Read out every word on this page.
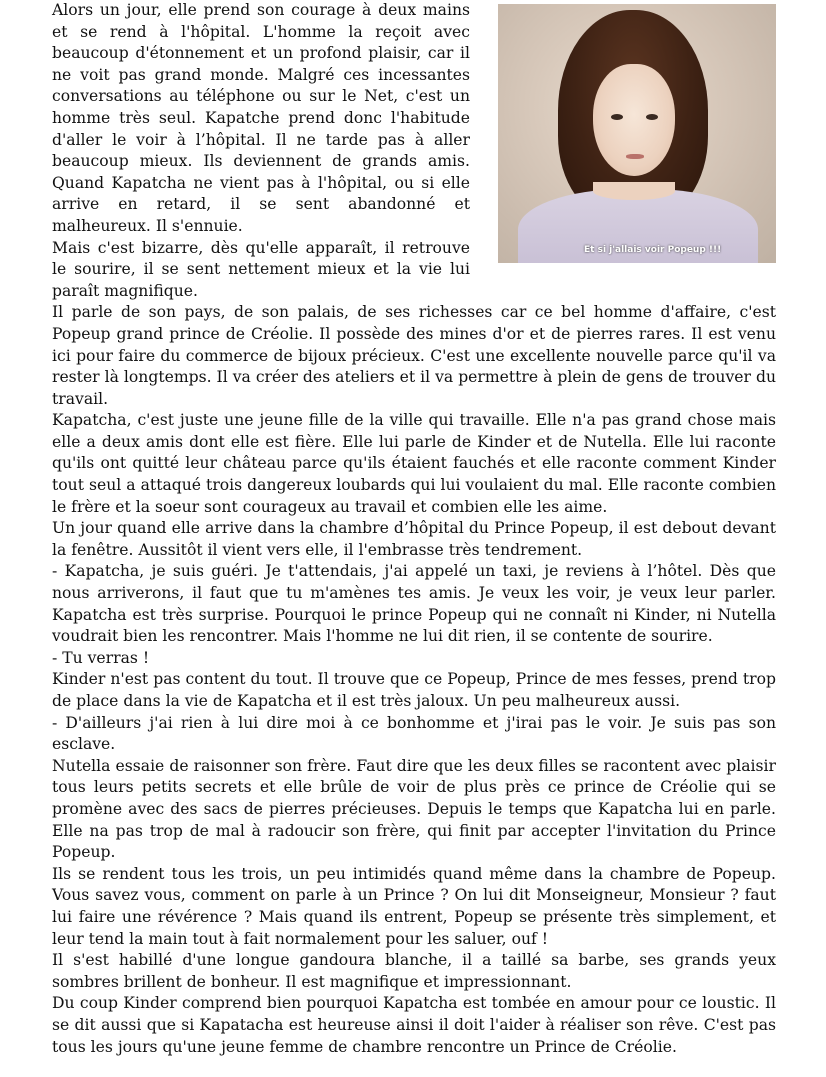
Et si j'allais voir Popeup !!!

Alors un jour, elle prend son courage à deux mains et se rend à l'hôpital. L'homme la reçoit avec beaucoup d'étonnement et un profond plaisir, car il ne voit pas grand monde. Malgré ces incessantes conversations au téléphone ou sur le Net, c'est un homme très seul. Kapatche prend donc l'habitude d'aller le voir à l’hôpital. Il ne tarde pas à aller beaucoup mieux. Ils deviennent de grands amis. Quand Kapatcha ne vient pas à l'hôpital, ou si elle arrive en retard, il se sent abandonné et malheureux. Il s'ennuie.

Mais c'est bizarre, dès qu'elle apparaît, il retrouve le sourire, il se sent nettement mieux et la vie lui paraît magnifique.

Il parle de son pays, de son palais, de ses richesses car ce bel homme d'affaire, c'est Popeup grand prince de Créolie. Il possède des mines d'or et de pierres rares. Il est venu ici pour faire du commerce de bijoux précieux. C'est une excellente nouvelle parce qu'il va rester là longtemps. Il va créer des ateliers et il va permettre à plein de gens de trouver du travail.

Kapatcha, c'est juste une jeune fille de la ville qui travaille. Elle n'a pas grand chose mais elle a deux amis dont elle est fière. Elle lui parle de Kinder et de Nutella. Elle lui raconte qu'ils ont quitté leur château parce qu'ils étaient fauchés et elle raconte comment Kinder tout seul a attaqué trois dangereux loubards qui lui voulaient du mal. Elle raconte combien le frère et la soeur sont courageux au travail et combien elle les aime.

Un jour quand elle arrive dans la chambre d’hôpital du Prince Popeup, il est debout devant la fenêtre. Aussitôt il vient vers elle, il l'embrasse très tendrement.

- Kapatcha, je suis guéri. Je t'attendais, j'ai appelé un taxi, je reviens à l’hôtel. Dès que nous arriverons, il faut que tu m'amènes tes amis. Je veux les voir, je veux leur parler. Kapatcha est très surprise. Pourquoi le prince Popeup qui ne connaît ni Kinder, ni Nutella voudrait bien les rencontrer. Mais l'homme ne lui dit rien, il se contente de sourire.

- Tu verras !

Kinder n'est pas content du tout. Il trouve que ce Popeup, Prince de mes fesses, prend trop de place dans la vie de Kapatcha et il est très jaloux. Un peu malheureux aussi.

- D'ailleurs j'ai rien à lui dire moi à ce bonhomme et j'irai pas le voir. Je suis pas son esclave.

Nutella essaie de raisonner son frère. Faut dire que les deux filles se racontent avec plaisir tous leurs petits secrets et elle brûle de voir de plus près ce prince de Créolie qui se promène avec des sacs de pierres précieuses. Depuis le temps que Kapatcha lui en parle. Elle na pas trop de mal à radoucir son frère, qui finit par accepter l'invitation du Prince Popeup.

Ils se rendent tous les trois, un peu intimidés quand même dans la chambre de Popeup. Vous savez vous, comment on parle à un Prince ? On lui dit Monseigneur, Monsieur ? faut lui faire une révérence ? Mais quand ils entrent, Popeup se présente très simplement, et leur tend la main tout à fait normalement pour les saluer, ouf !

Il s'est habillé d'une longue gandoura blanche, il a taillé sa barbe, ses grands yeux sombres brillent de bonheur. Il est magnifique et impressionnant.

Du coup Kinder comprend bien pourquoi Kapatcha est tombée en amour pour ce loustic. Il se dit aussi que si Kapatacha est heureuse ainsi il doit l'aider à réaliser son rêve. C'est pas tous les jours qu'une jeune femme de chambre rencontre un Prince de Créolie.
